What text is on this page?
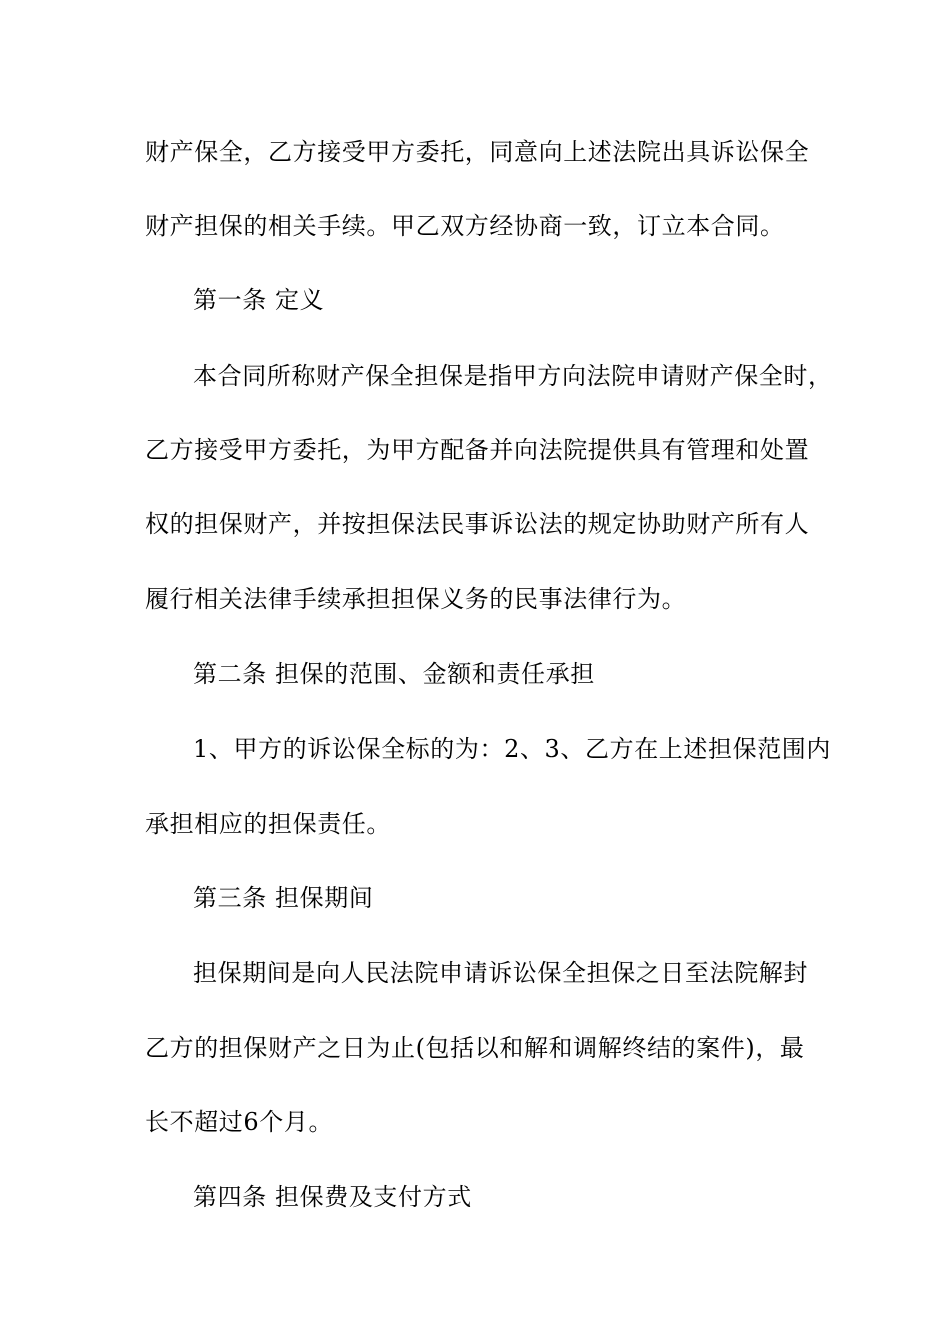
财产保全，乙方接受甲方委托，同意向上述法院出具诉讼保全
财产担保的相关手续。甲乙双方经协商一致，订立本合同。
第一条 定义
本合同所称财产保全担保是指甲方向法院申请财产保全时，
乙方接受甲方委托，为甲方配备并向法院提供具有管理和处置
权的担保财产，并按担保法民事诉讼法的规定协助财产所有人
履行相关法律手续承担担保义务的民事法律行为。
第二条 担保的范围、金额和责任承担
1、甲方的诉讼保全标的为：2、3、乙方在上述担保范围内
承担相应的担保责任。
第三条 担保期间
担保期间是向人民法院申请诉讼保全担保之日至法院解封
乙方的担保财产之日为止(包括以和解和调解终结的案件)，最
长不超过6个月。
第四条 担保费及支付方式
